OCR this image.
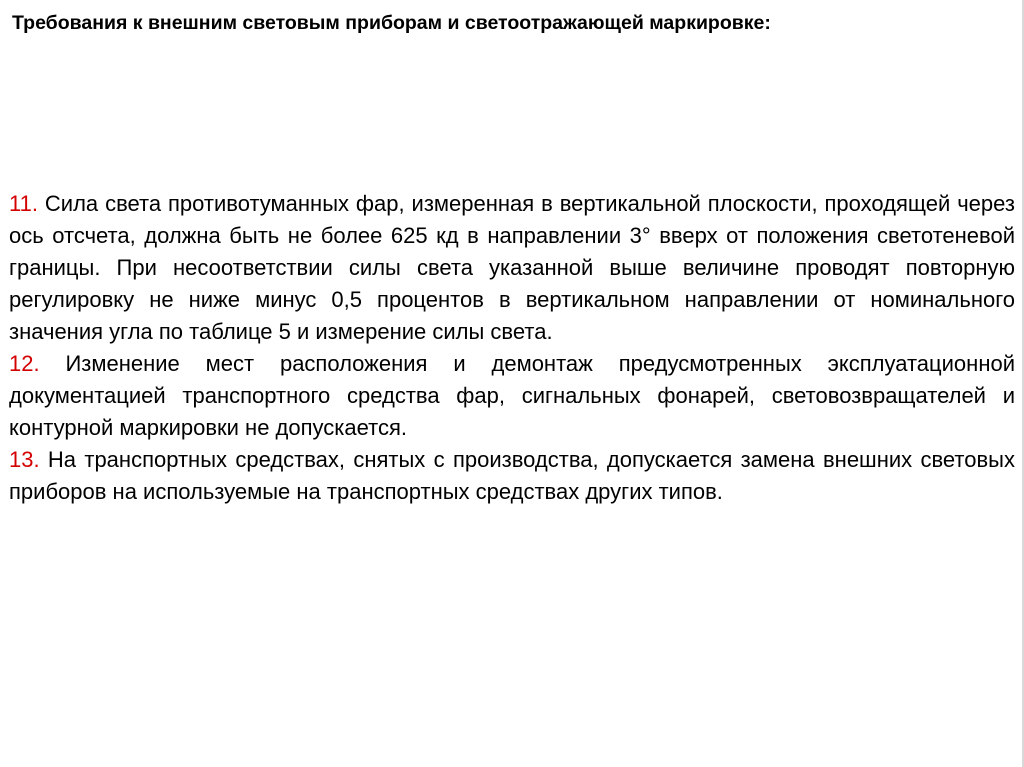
Требования к внешним световым приборам и светоотражающей маркировке:

11. Сила света противотуманных фар, измеренная в вертикальной плоскости, проходящей через ось отсчета, должна быть не более 625 кд в направлении 3° вверх от положения светотеневой границы. При несоответствии силы света указанной выше величине проводят повторную регулировку не ниже минус 0,5 процентов в вертикальном направлении от номинального значения угла по таблице 5 и измерение силы света.

12. Изменение мест расположения и демонтаж предусмотренных эксплуатационной документацией транспортного средства фар, сигнальных фонарей, световозвращателей и контурной маркировки не допускается.

13. На транспортных средствах, снятых с производства, допускается замена внешних световых приборов на используемые на транспортных средствах других типов.
